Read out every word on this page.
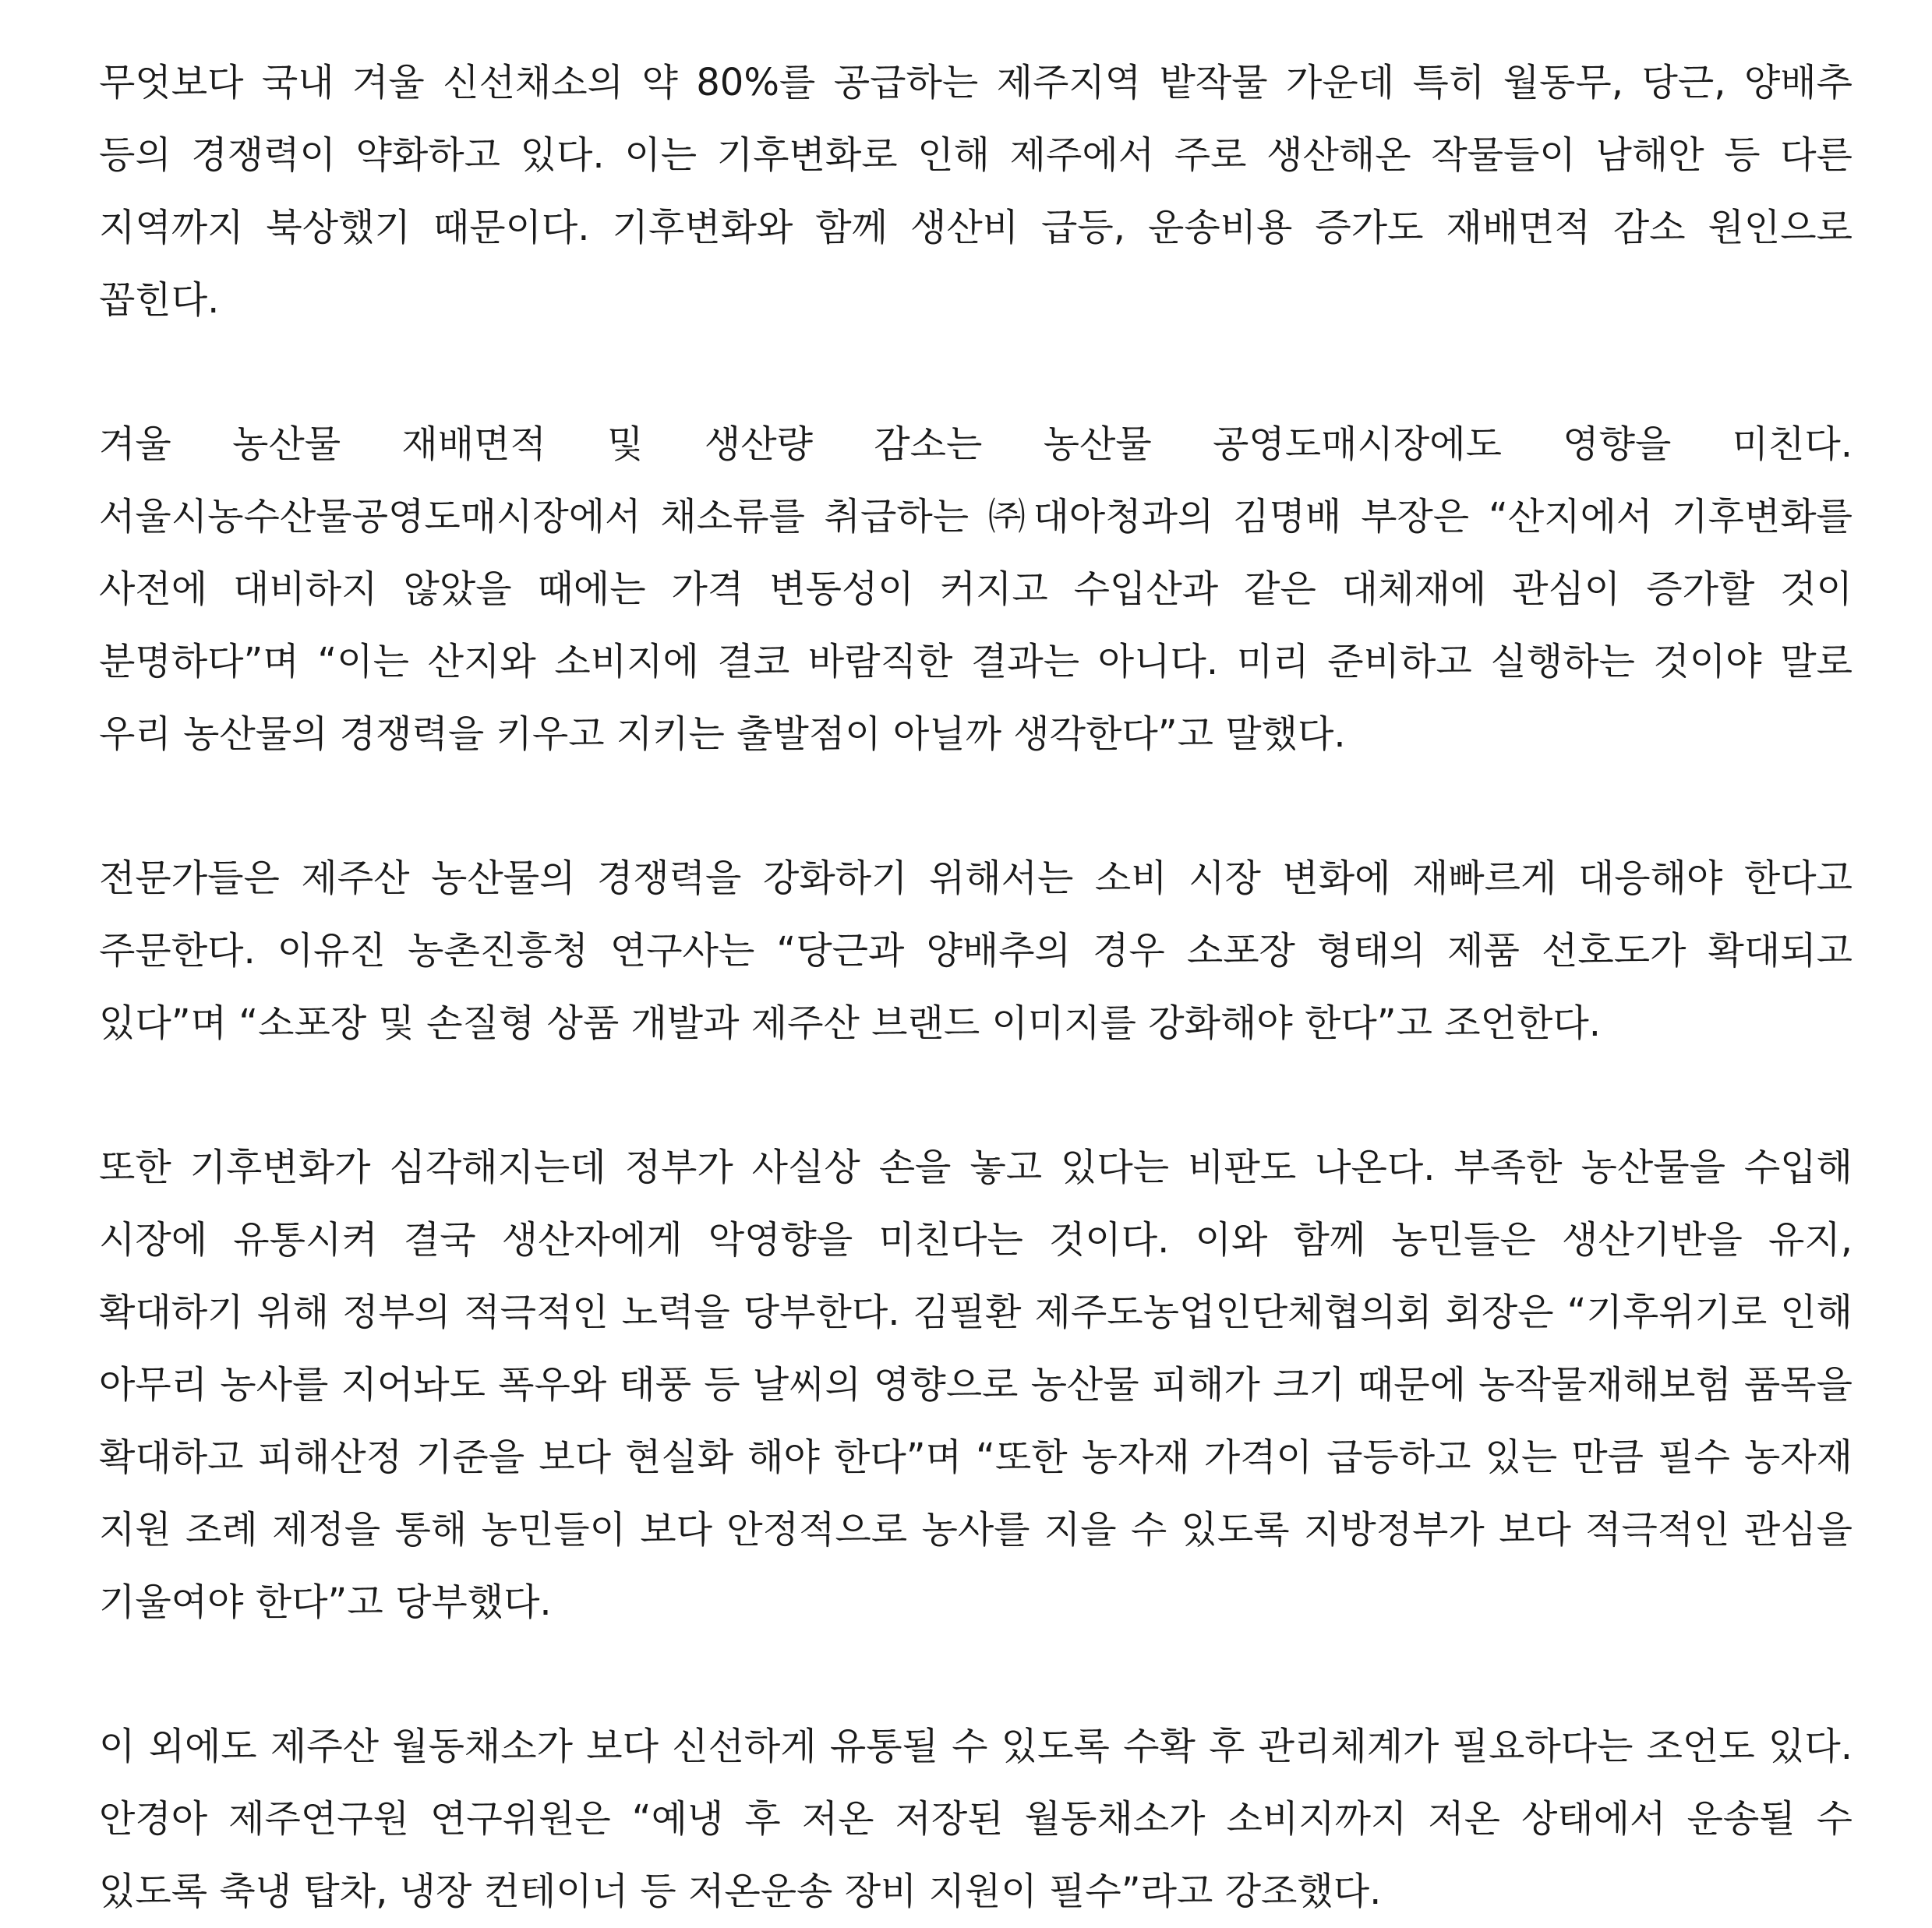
무엇보다 국내 겨울 신선채소의 약 80%를 공급하는 제주지역 밭작물 가운데 특히 월동무, 당근, 양배추 등의 경쟁력이 약화하고 있다. 이는 기후변화로 인해 제주에서 주로 생산해온 작물들이 남해안 등 다른 지역까지 북상했기 때문이다. 기후변화와 함께 생산비 급등, 운송비용 증가도 재배면적 감소 원인으로 꼽힌다.

겨울 농산물 재배면적 및 생산량 감소는 농산물 공영도매시장에도 영향을 미친다. 서울시농수산물공영도매시장에서 채소류를 취급하는 ㈜대아청과의 김명배 부장은 “산지에서 기후변화를 사전에 대비하지 않았을 때에는 가격 변동성이 커지고 수입산과 같은 대체재에 관심이 증가할 것이 분명하다”며 “이는 산지와 소비지에 결코 바람직한 결과는 아니다. 미리 준비하고 실행하는 것이야 말로 우리 농산물의 경쟁력을 키우고 지키는 출발점이 아닐까 생각한다”고 말했다.

전문가들은 제주산 농산물의 경쟁력을 강화하기 위해서는 소비 시장 변화에 재빠르게 대응해야 한다고 주문한다. 이유진 농촌진흥청 연구사는 “당근과 양배추의 경우 소포장 형태의 제품 선호도가 확대되고 있다”며 “소포장 및 손질형 상품 개발과 제주산 브랜드 이미지를 강화해야 한다”고 조언한다.

또한 기후변화가 심각해지는데 정부가 사실상 손을 놓고 있다는 비판도 나온다. 부족한 농산물을 수입해 시장에 유통시켜 결국 생산자에게 악영향을 미친다는 것이다. 이와 함께 농민들은 생산기반을 유지, 확대하기 위해 정부의 적극적인 노력을 당부한다. 김필환 제주도농업인단체협의회 회장은 “기후위기로 인해 아무리 농사를 지어놔도 폭우와 태풍 등 날씨의 영향으로 농산물 피해가 크기 때문에 농작물재해보험 품목을 확대하고 피해산정 기준을 보다 현실화 해야 한다”며 “또한 농자재 가격이 급등하고 있는 만큼 필수 농자재 지원 조례 제정을 통해 농민들이 보다 안정적으로 농사를 지을 수 있도록 지방정부가 보다 적극적인 관심을 기울여야 한다”고 당부했다.

이 외에도 제주산 월동채소가 보다 신선하게 유통될 수 있도록 수확 후 관리체계가 필요하다는 조언도 있다. 안경아 제주연구원 연구위원은 “예냉 후 저온 저장된 월동채소가 소비지까지 저온 상태에서 운송될 수 있도록 축냉 탑차, 냉장 컨테이너 등 저온운송 장비 지원이 필수”라고 강조했다.
